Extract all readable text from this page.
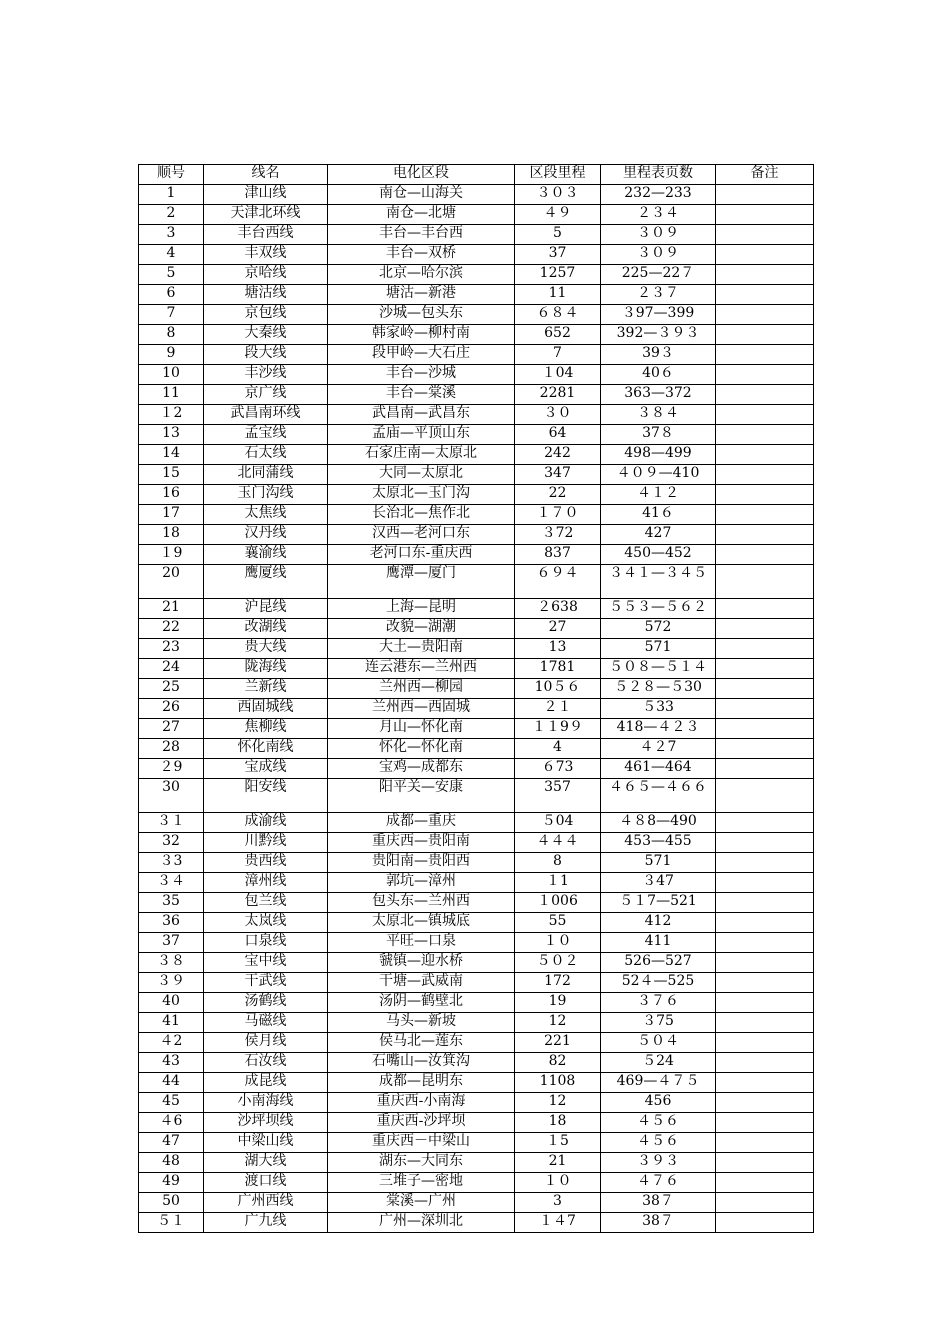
顺号	线名	电化区段	区段里程	里程表页数	备注
1	津山线	南仓—山海关	３０３	232—233	
2	天津北环线	南仓—北塘	４９	２３４	
3	丰台西线	丰台—丰台西	5	３０９	
4	丰双线	丰台—双桥	37	３０９	
5	京哈线	北京—哈尔滨	1257	225—22７	
6	塘沽线	塘沽—新港	11	２３７	
7	京包线	沙城—包头东	６８４	３97—399	
8	大秦线	韩家岭—柳村南	652	392—３９３	
9	段大线	段甲岭—大石庄	7	39３	
10	丰沙线	丰台—沙城	１04	40６	
11	京广线	丰台—棠溪	2281	363—372	
１2	武昌南环线	武昌南—武昌东	３０	３８４	
13	孟宝线	孟庙—平顶山东	64	37８	
14	石太线	石家庄南—太原北	242	498—499	
15	北同蒲线	大同—太原北	347	４０９—410	
16	玉门沟线	太原北—玉门沟	22	４１２	
17	太焦线	长治北—焦作北	１７０	41６	
18	汉丹线	汉西—老河口东	３72	427	
１9	襄渝线	老河口东-重庆西	837	450—452	
20	鹰厦线	鹰潭—厦门	６９４	３４１—３４５	
21	沪昆线	上海—昆明	２638	５５３—５６２	
22	改湖线	改貌—湖潮	27	572	
23	贵大线	大土—贵阳南	13	571	
24	陇海线	连云港东—兰州西	1781	５０８—５１４	
25	兰新线	兰州西—柳园	10５６	５２８—５30	
26	西固城线	兰州西—西固城	２１	５33	
27	焦柳线	月山—怀化南	１１9９	418—４２３	
28	怀化南线	怀化—怀化南	4	４２7	
２9	宝成线	宝鸡—成都东	６73	461—464	
30	阳安线	阳平关—安康	357	４６５—４６６	
３１	成渝线	成都—重庆	５04	４８8—490	
32	川黔线	重庆西—贵阳南	４４４	453—455	
３3	贵西线	贵阳南—贵阳西	8	571	
３４	漳州线	郭坑—漳州	１1	３47	
35	包兰线	包头东—兰州西	１006	５１7—521	
36	太岚线	太原北—镇城底	55	412	
37	口泉线	平旺—口泉	１０	411	
３８	宝中线	虢镇—迎水桥	５０２	526—527	
３９	干武线	干塘—武威南	172	52４—525	
40	汤鹤线	汤阴—鹤壁北	19	３７６	
41	马磁线	马头—新坡	12	３75	
４2	侯月线	侯马北—莲东	221	５０４	
43	石汝线	石嘴山—汝箕沟	82	５24	
44	成昆线	成都—昆明东	1108	469—４７５	
45	小南海线	重庆西-小南海	12	456	
４6	沙坪坝线	重庆西-沙坪坝	18	４５６	
47	中梁山线	重庆西－中梁山	１5	４５６	
48	湖大线	湖东—大同东	21	３９３	
49	渡口线	三堆子—密地	１０	４７６	
50	广州西线	棠溪—广州	3	38７	
５１	广九线	广州—深圳北	１４7	38７	
